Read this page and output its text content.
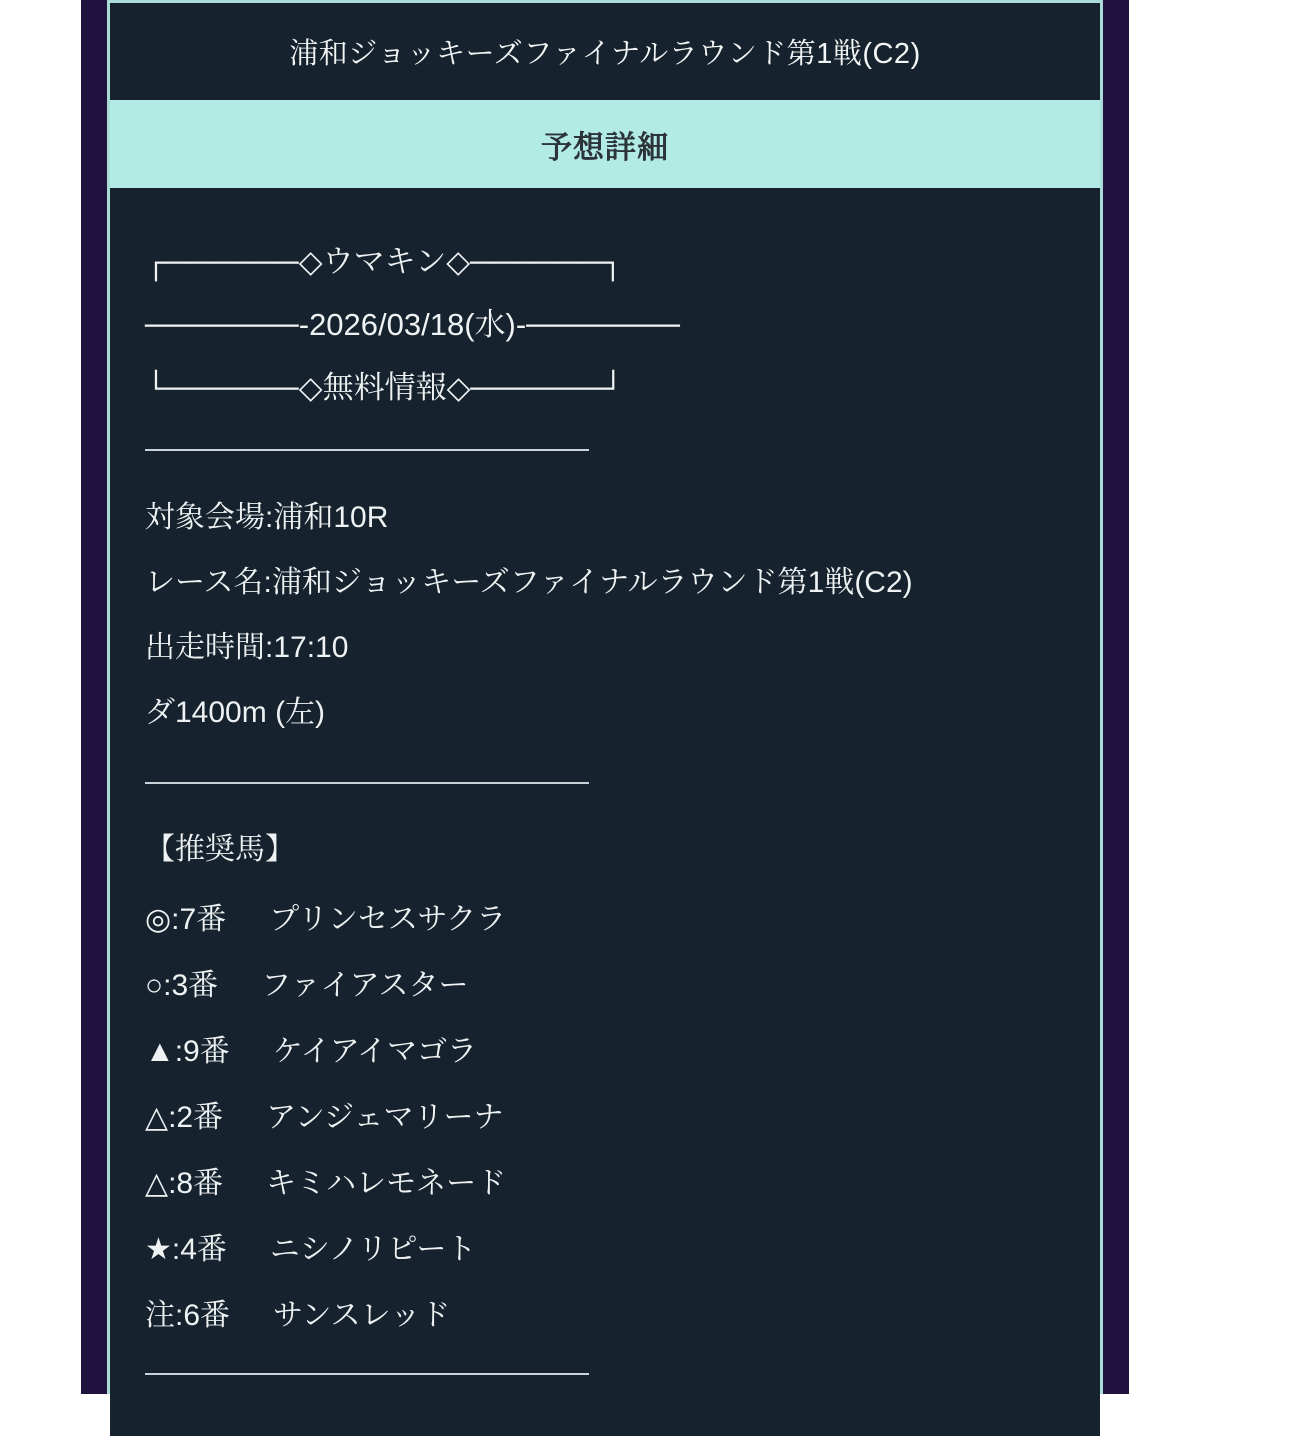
浦和ジョッキーズファイナルラウンド第1戦(C2)
予想詳細

┌──────◇ウマキン◇──────┐

───────-2026/03/18(水)-───────

└──────◇無料情報◇──────┘

対象会場:浦和10R

レース名:浦和ジョッキーズファイナルラウンド第1戦(C2)

出走時間:17:10

ダ1400m (左)

【推奨馬】

◎:7番 プリンセスサクラ
○:3番 ファイアスター
▲:9番 ケイアイマゴラ
△:2番 アンジェマリーナ
△:8番 キミハレモネード
★:4番 ニシノリピート
注:6番 サンスレッド
